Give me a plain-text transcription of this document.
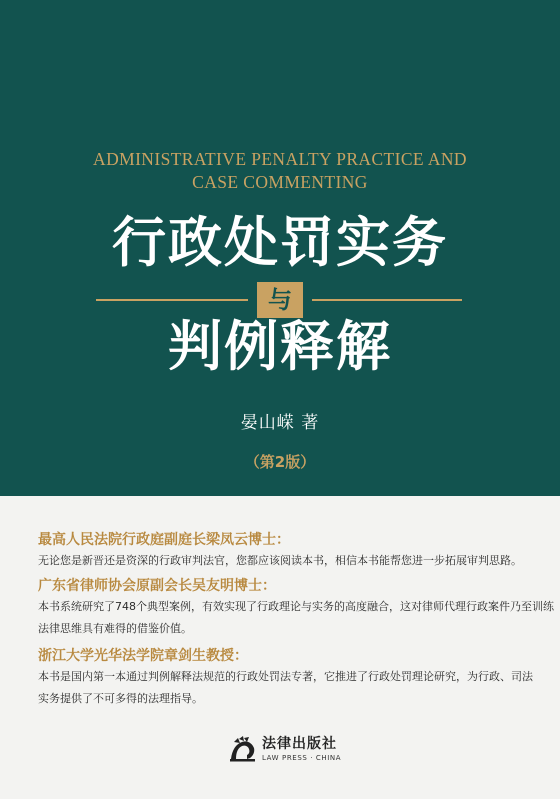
ADMINISTRATIVE PENALTY PRACTICE AND
CASE COMMENTING
行政处罚实务
与
判例释解
晏山嵘 著
（第2版）
最高人民法院行政庭副庭长梁凤云博士：
无论您是新晋还是资深的行政审判法官，您都应该阅读本书，相信本书能帮您进一步拓展审判思路。
广东省律师协会原副会长吴友明博士：
本书系统研究了748个典型案例，有效实现了行政理论与实务的高度融合，这对律师代理行政案件乃至训练
法律思维具有难得的借鉴价值。
浙江大学光华法学院章剑生教授：
本书是国内第一本通过判例解释法规范的行政处罚法专著，它推进了行政处罚理论研究，为行政、司法
实务提供了不可多得的法理指导。
法律出版社
LAW PRESS · CHINA
